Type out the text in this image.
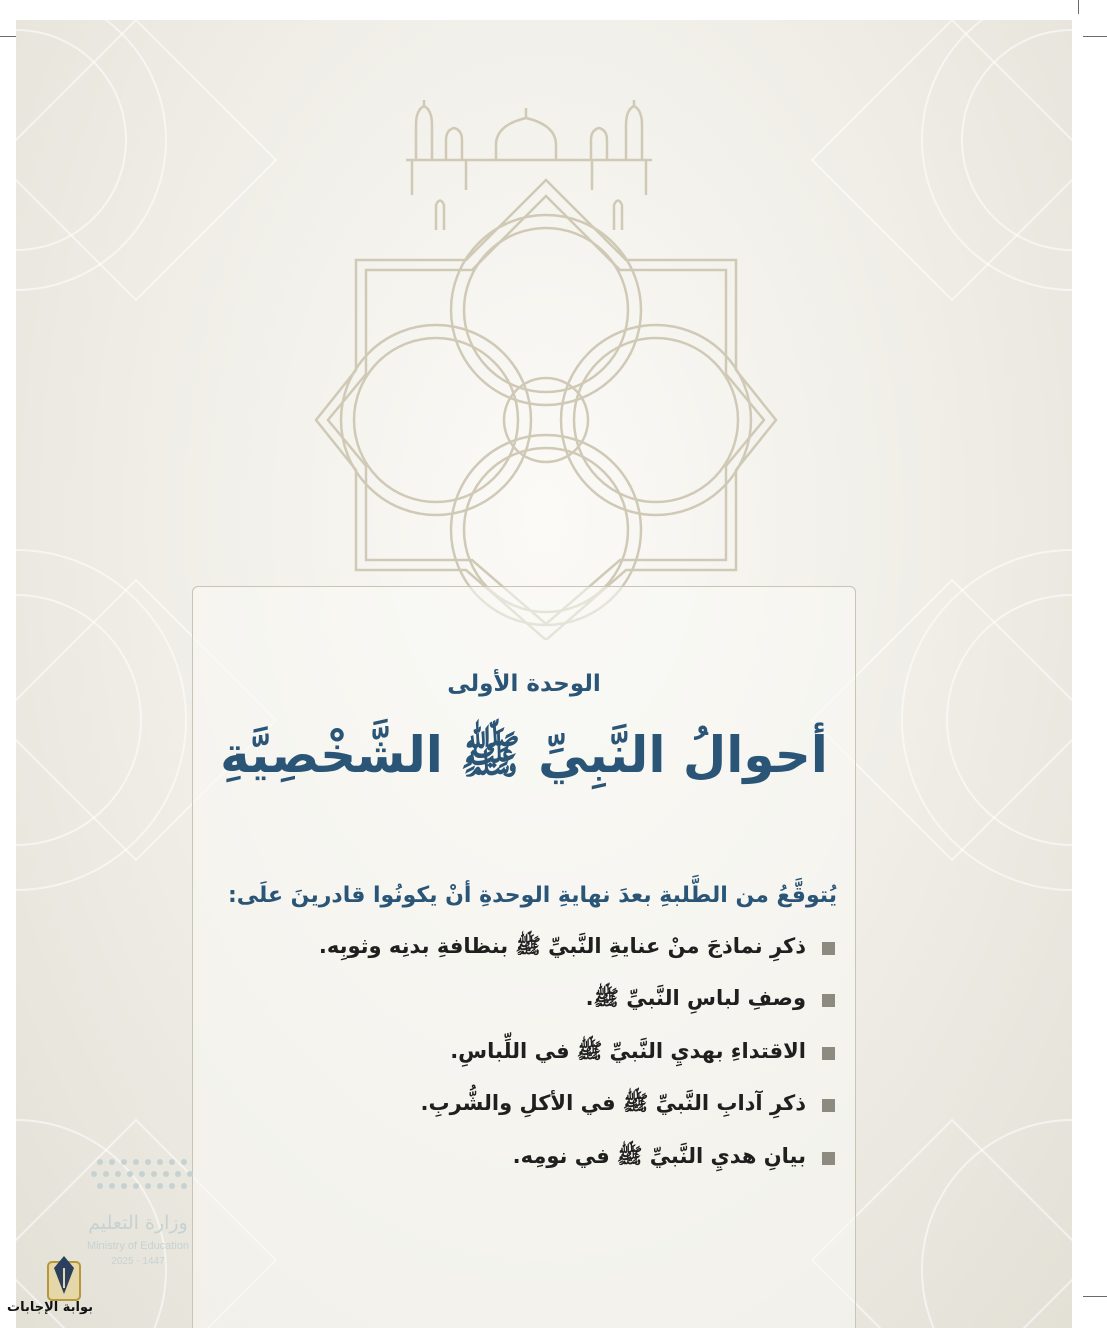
الوحدة الأولى
أحوالُ النَّبِيِّ ﷺ الشَّخْصِيَّةِ
يُتوقَّعُ من الطَّلبةِ بعدَ نهايةِ الوحدةِ أنْ يكونُوا قادرينَ علَى:
ذكرِ نماذجَ منْ عنايةِ النَّبيِّ ﷺ بنظافةِ بدنِه وثوبِه.
وصفِ لباسِ النَّبيِّ ﷺ.
الاقتداءِ بهديِ النَّبيِّ ﷺ في اللِّباسِ.
ذكرِ آدابِ النَّبيِّ ﷺ في الأكلِ والشُّربِ.
بيانِ هديِ النَّبيِّ ﷺ في نومِه.
وزارة التعليم
Ministry of Education
2025 - 1447
بوابة الإجابات
